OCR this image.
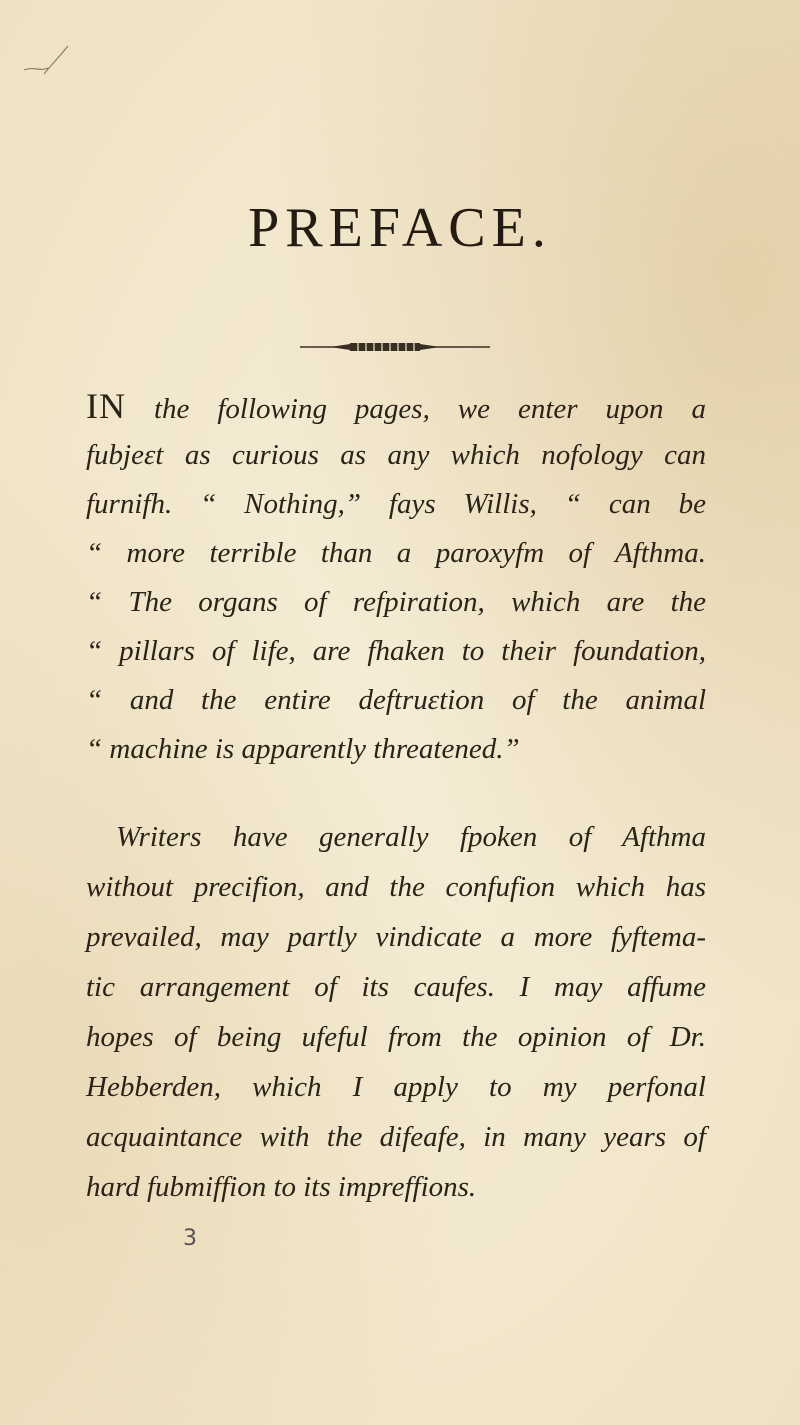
PREFACE.
IN the following pages, we enter upon a
fubjeɛt as curious as any which nofology can
furnifh. “ Nothing,” fays Willis, “ can be
“ more terrible than a paroxyfm of Afthma.
“ The organs of refpiration, which are the
“ pillars of life, are fhaken to their foundation,
“ and the entire deftruɛtion of the animal
“ machine is apparently threatened.”
Writers have generally fpoken of Afthma
without precifion, and the confufion which has
prevailed, may partly vindicate a more fyftema-
tic arrangement of its caufes. I may affume
hopes of being ufeful from the opinion of Dr.
Hebberden, which I apply to my perfonal
acquaintance with the difeafe, in many years of
hard fubmiffion to its impreffions.
3
